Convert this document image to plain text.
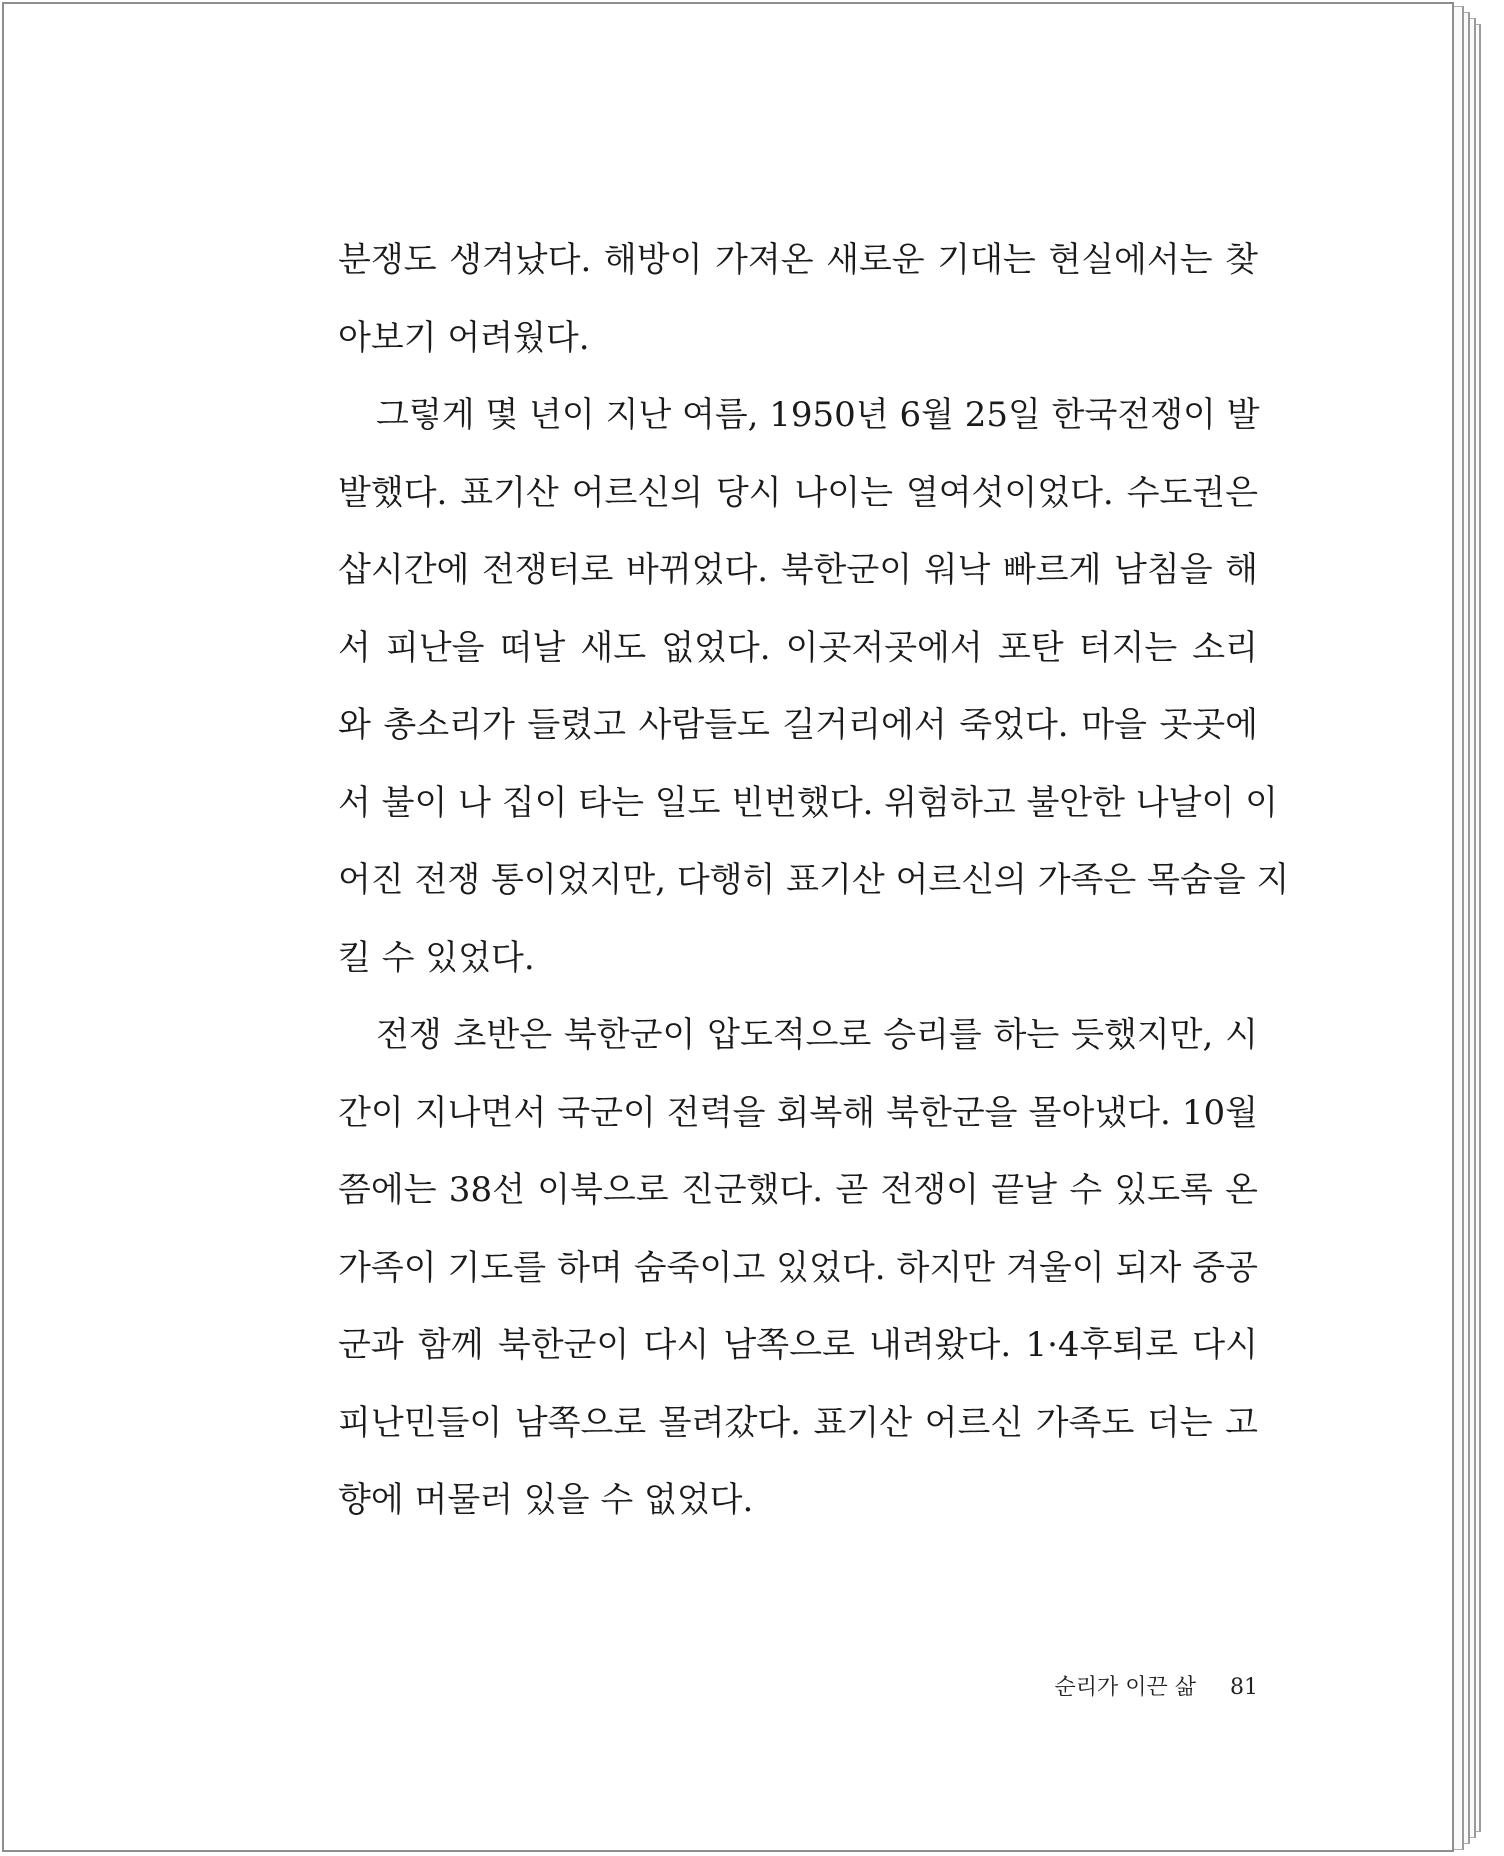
분쟁도 생겨났다. 해방이 가져온 새로운 기대는 현실에서는 찾
아보기 어려웠다.
그렇게 몇 년이 지난 여름, 1950년 6월 25일 한국전쟁이 발
발했다. 표기산 어르신의 당시 나이는 열여섯이었다. 수도권은
삽시간에 전쟁터로 바뀌었다. 북한군이 워낙 빠르게 남침을 해
서 피난을 떠날 새도 없었다. 이곳저곳에서 포탄 터지는 소리
와 총소리가 들렸고 사람들도 길거리에서 죽었다. 마을 곳곳에
서 불이 나 집이 타는 일도 빈번했다. 위험하고 불안한 나날이 이
어진 전쟁 통이었지만, 다행히 표기산 어르신의 가족은 목숨을 지
킬 수 있었다.
전쟁 초반은 북한군이 압도적으로 승리를 하는 듯했지만, 시
간이 지나면서 국군이 전력을 회복해 북한군을 몰아냈다. 10월
쯤에는 38선 이북으로 진군했다. 곧 전쟁이 끝날 수 있도록 온
가족이 기도를 하며 숨죽이고 있었다. 하지만 겨울이 되자 중공
군과 함께 북한군이 다시 남쪽으로 내려왔다. 1·4후퇴로 다시
피난민들이 남쪽으로 몰려갔다. 표기산 어르신 가족도 더는 고
향에 머물러 있을 수 없었다.
순리가 이끈 삶 81
